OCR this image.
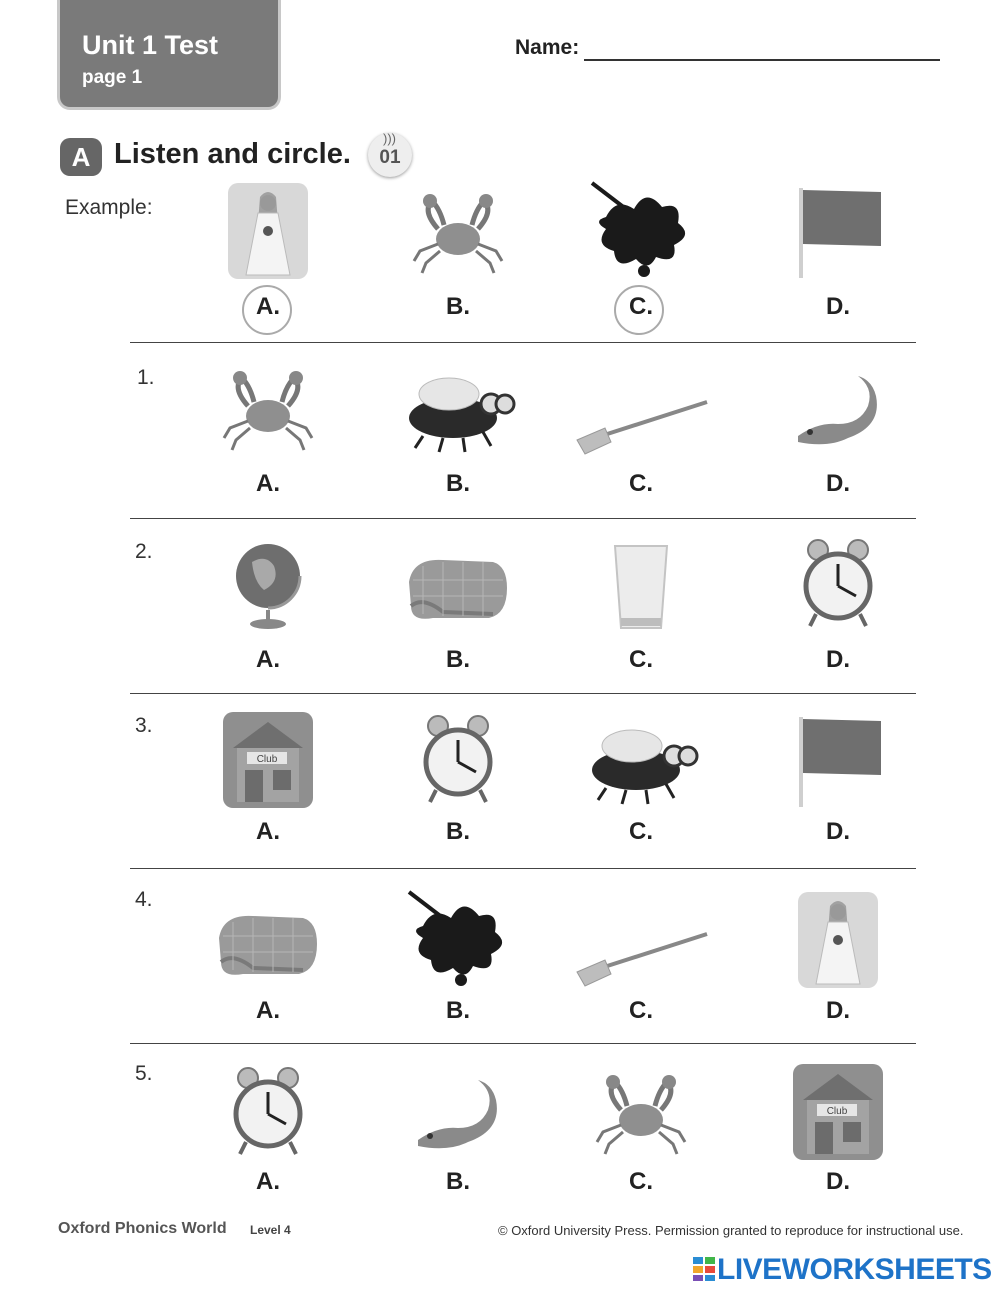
Unit 1 Test
page 1
Name:
A Listen and circle. )))
01
Example:
1.
2.
3.
4.
5.
A.	B.	C.	D.
A.	B.	C.	D.
A.	B.	C.	D.
A.	B.	C.	D.
A.	B.	C.	D.
A.	B.	C.	D.
Oxford Phonics World Level 4	© Oxford University Press. Permission granted to reproduce for instructional use.
LIVEWORKSHEETS
